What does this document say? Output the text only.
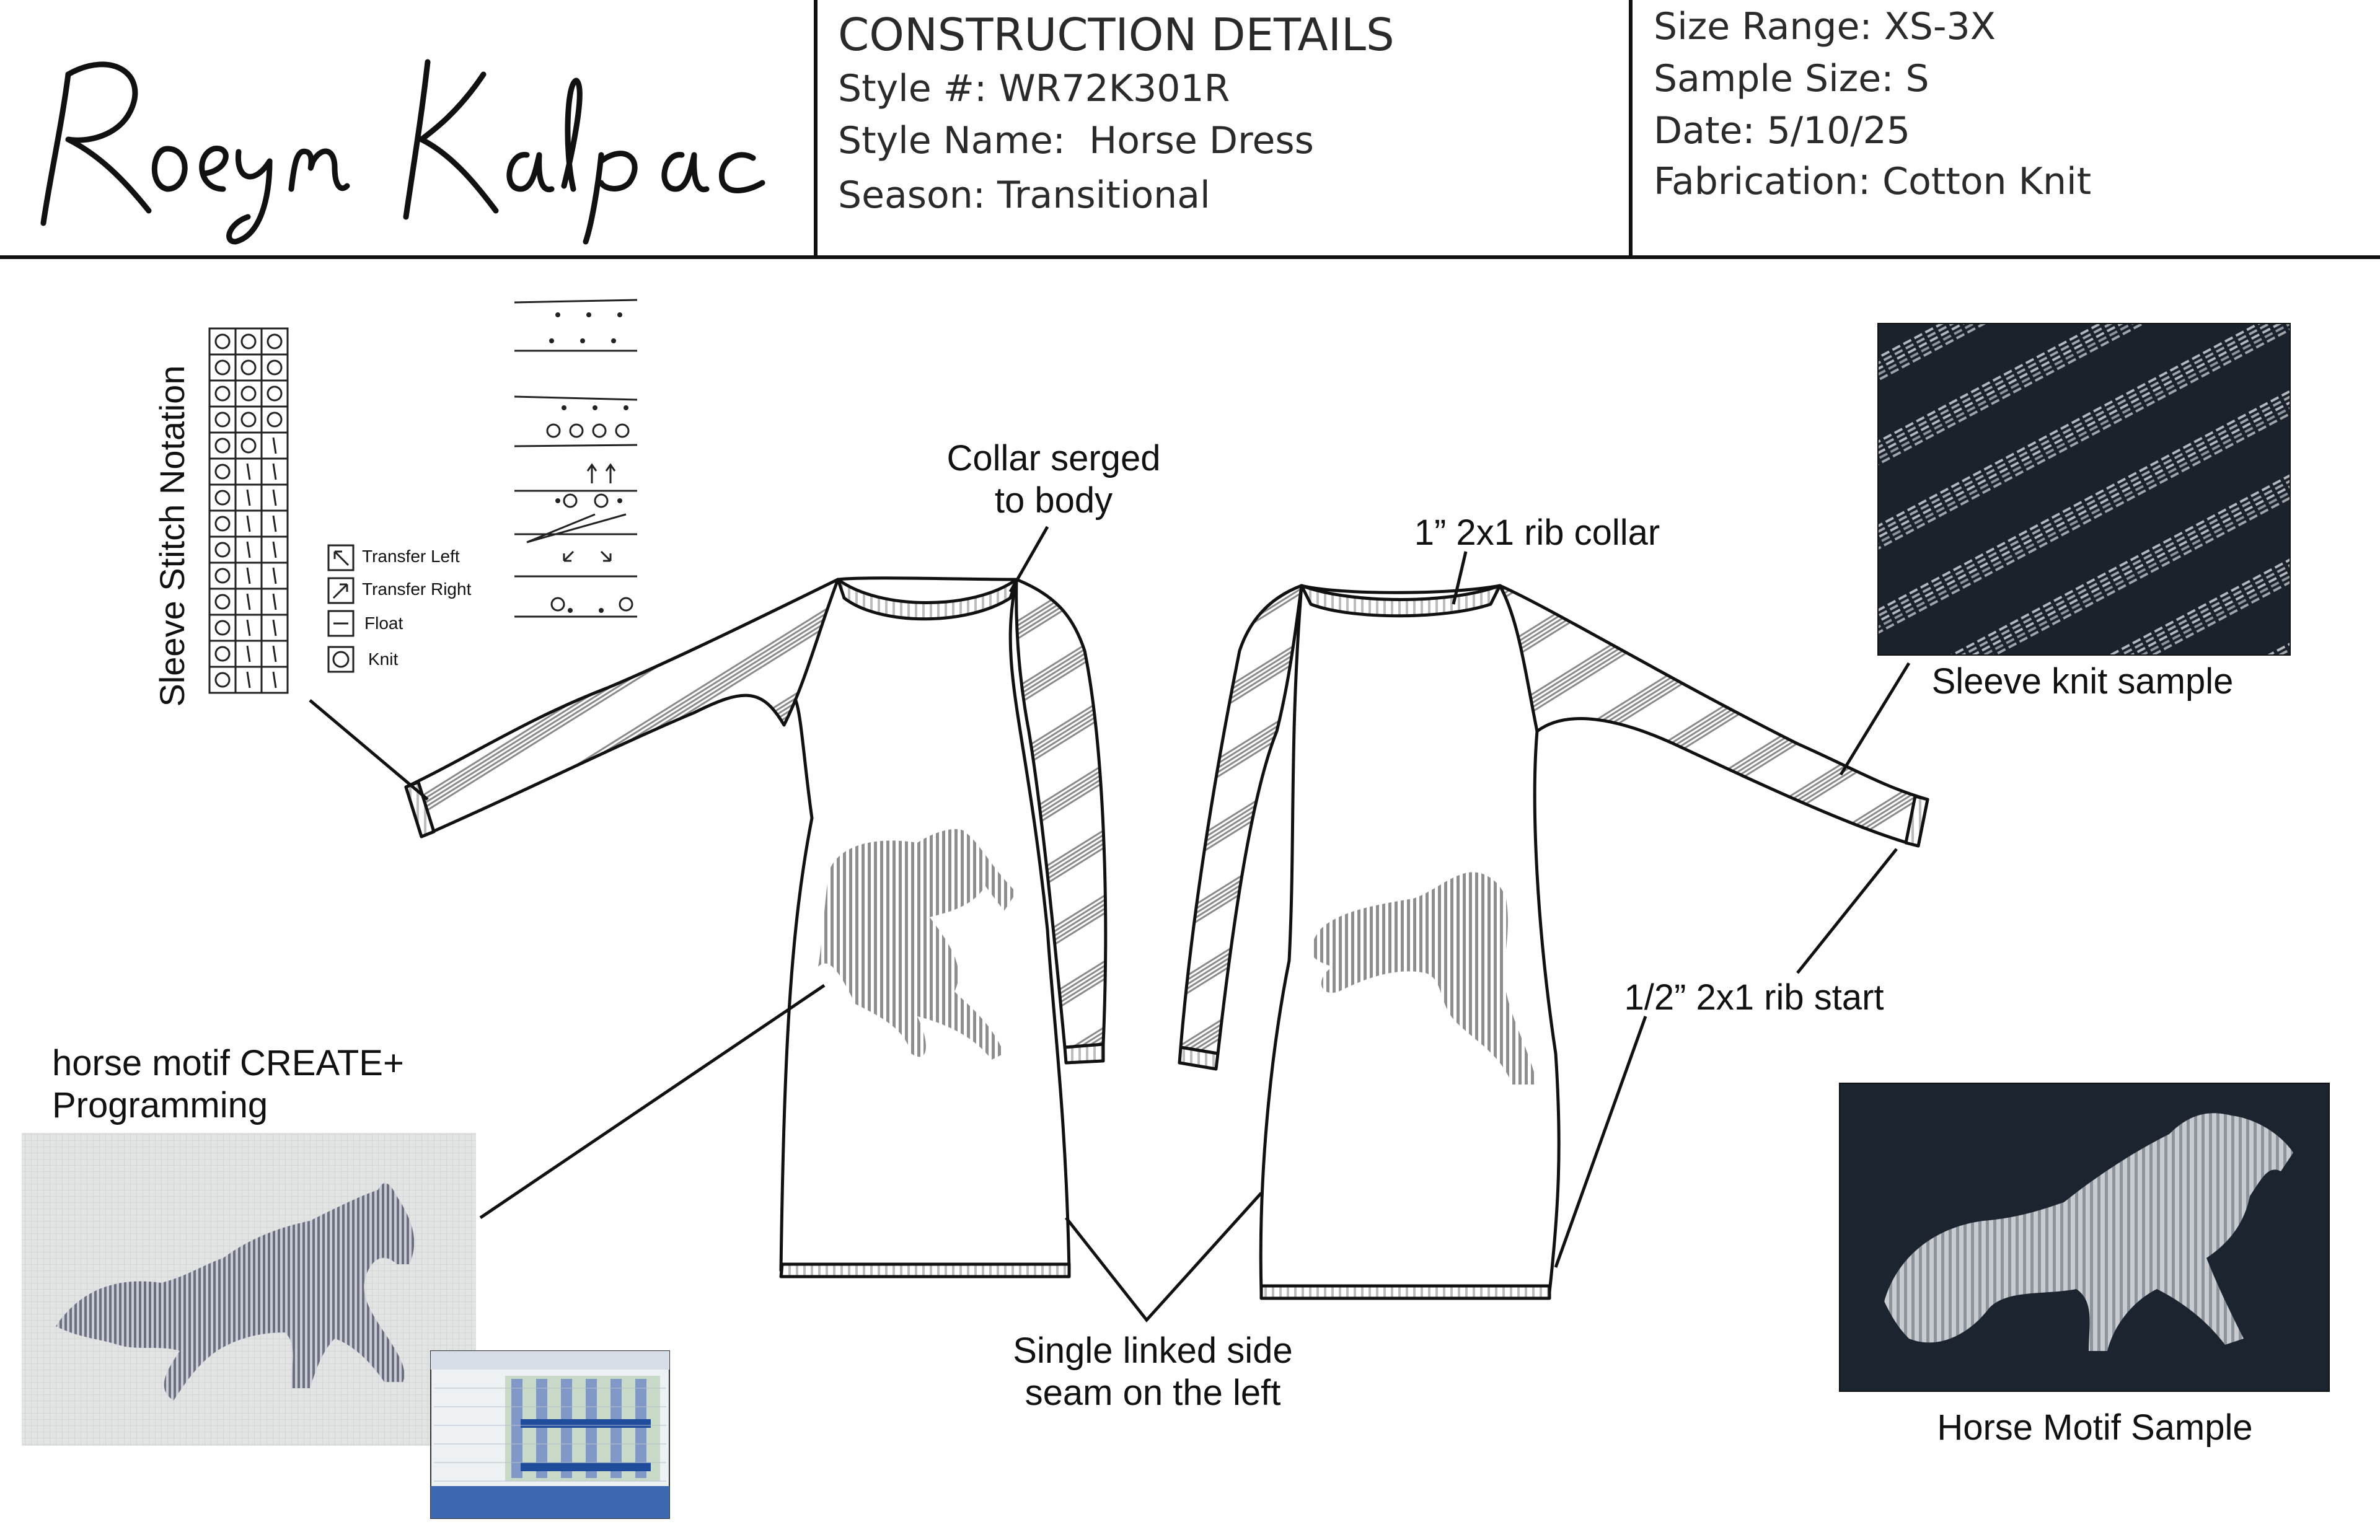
CONSTRUCTION DETAILS
Style #: WR72K301R
Style Name:  Horse Dress
Season: Transitional
Size Range: XS-3X
Sample Size: S
Date: 5/10/25
Fabrication: Cotton Knit
Sleeve Stitch Notation	Transfer Left
Transfer Right
Float
Knit
Collar serged
to body
1” 2x1 rib collar
Sleeve knit sample
1/2” 2x1 rib start
horse motif CREATE+
Programming
Single linked side
seam on the left
Horse Motif Sample
